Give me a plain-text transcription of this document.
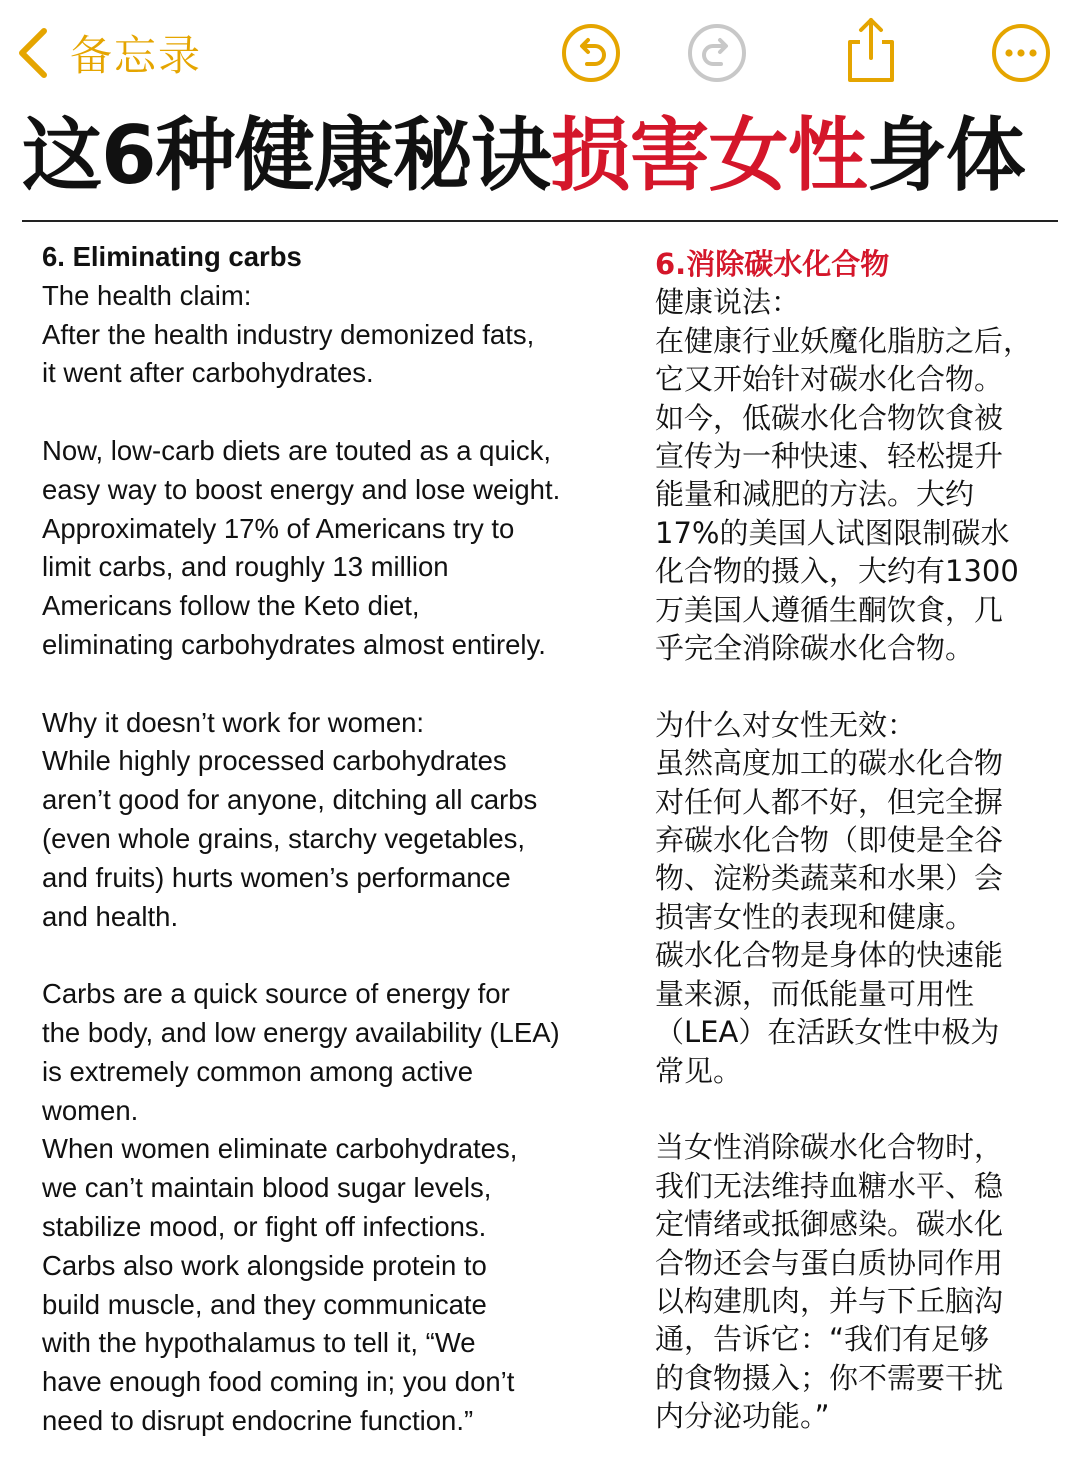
备忘录
这6种健康秘诀损害女性身体

6. Eliminating carbs

The health claim:

After the health industry demonized fats,

it went after carbohydrates.

Now, low-carb diets are touted as a quick,

easy way to boost energy and lose weight.

Approximately 17% of Americans try to

limit carbs, and roughly 13 million

Americans follow the Keto diet,

eliminating carbohydrates almost entirely.

Why it doesn’t work for women:

While highly processed carbohydrates

aren’t good for anyone, ditching all carbs

(even whole grains, starchy vegetables,

and fruits) hurts women’s performance

and health.

Carbs are a quick source of energy for

the body, and low energy availability (LEA)

is extremely common among active

women.

When women eliminate carbohydrates,

we can’t maintain blood sugar levels,

stabilize mood, or fight off infections.

Carbs also work alongside protein to

build muscle, and they communicate

with the hypothalamus to tell it, “We

have enough food coming in; you don’t

need to disrupt endocrine function.”

6.消除碳水化合物

健康说法：

在健康行业妖魔化脂肪之后，

它又开始针对碳水化合物。

如今，低碳水化合物饮食被

宣传为一种快速、轻松提升

能量和减肥的方法。大约

17%的美国人试图限制碳水

化合物的摄入，大约有1300

万美国人遵循生酮饮食，几

乎完全消除碳水化合物。

为什么对女性无效：

虽然高度加工的碳水化合物

对任何人都不好，但完全摒

弃碳水化合物（即使是全谷

物、淀粉类蔬菜和水果）会

损害女性的表现和健康。

碳水化合物是身体的快速能

量来源，而低能量可用性

（LEA）在活跃女性中极为

常见。

当女性消除碳水化合物时，

我们无法维持血糖水平、稳

定情绪或抵御感染。碳水化

合物还会与蛋白质协同作用

以构建肌肉，并与下丘脑沟

通，告诉它：“我们有足够

的食物摄入；你不需要干扰

内分泌功能。”
